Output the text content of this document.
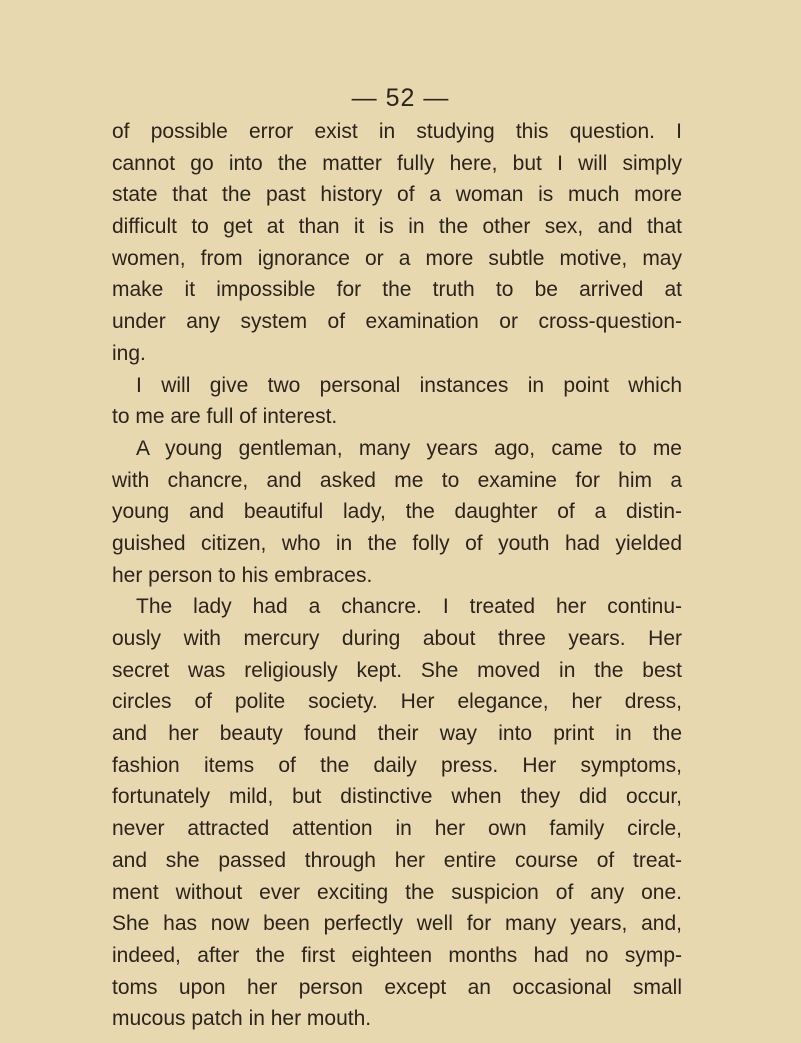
— 52 —
of possible error exist in studying this question. I
cannot go into the matter fully here, but I will simply
state that the past history of a woman is much more
difficult to get at than it is in the other sex, and that
women, from ignorance or a more subtle motive, may
make it impossible for the truth to be arrived at
under any system of examination or cross-question-
ing.
I will give two personal instances in point which
to me are full of interest.
A young gentleman, many years ago, came to me
with chancre, and asked me to examine for him a
young and beautiful lady, the daughter of a distin-
guished citizen, who in the folly of youth had yielded
her person to his embraces.
The lady had a chancre. I treated her continu-
ously with mercury during about three years. Her
secret was religiously kept. She moved in the best
circles of polite society. Her elegance, her dress,
and her beauty found their way into print in the
fashion items of the daily press. Her symptoms,
fortunately mild, but distinctive when they did occur,
never attracted attention in her own family circle,
and she passed through her entire course of treat-
ment without ever exciting the suspicion of any one.
She has now been perfectly well for many years, and,
indeed, after the first eighteen months had no symp-
toms upon her person except an occasional small
mucous patch in her mouth.
